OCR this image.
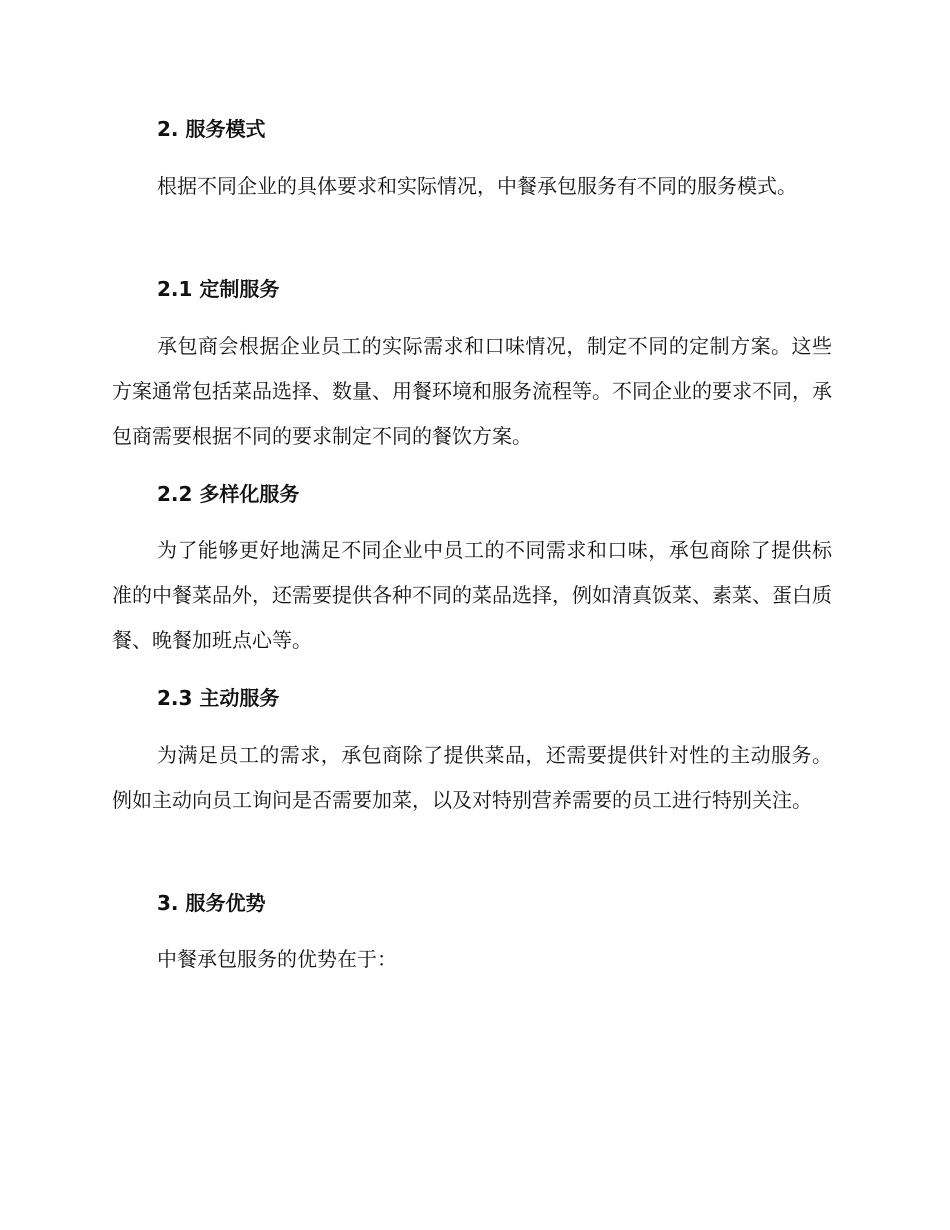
2. 服务模式
根据不同企业的具体要求和实际情况，中餐承包服务有不同的服务模式。
2.1 定制服务
承包商会根据企业员工的实际需求和口味情况，制定不同的定制方案。这些方案通常包括菜品选择、数量、用餐环境和服务流程等。不同企业的要求不同，承包商需要根据不同的要求制定不同的餐饮方案。
2.2 多样化服务
为了能够更好地满足不同企业中员工的不同需求和口味，承包商除了提供标准的中餐菜品外，还需要提供各种不同的菜品选择，例如清真饭菜、素菜、蛋白质餐、晚餐加班点心等。
2.3 主动服务
为满足员工的需求，承包商除了提供菜品，还需要提供针对性的主动服务。例如主动向员工询问是否需要加菜，以及对特别营养需要的员工进行特别关注。
3. 服务优势
中餐承包服务的优势在于：
